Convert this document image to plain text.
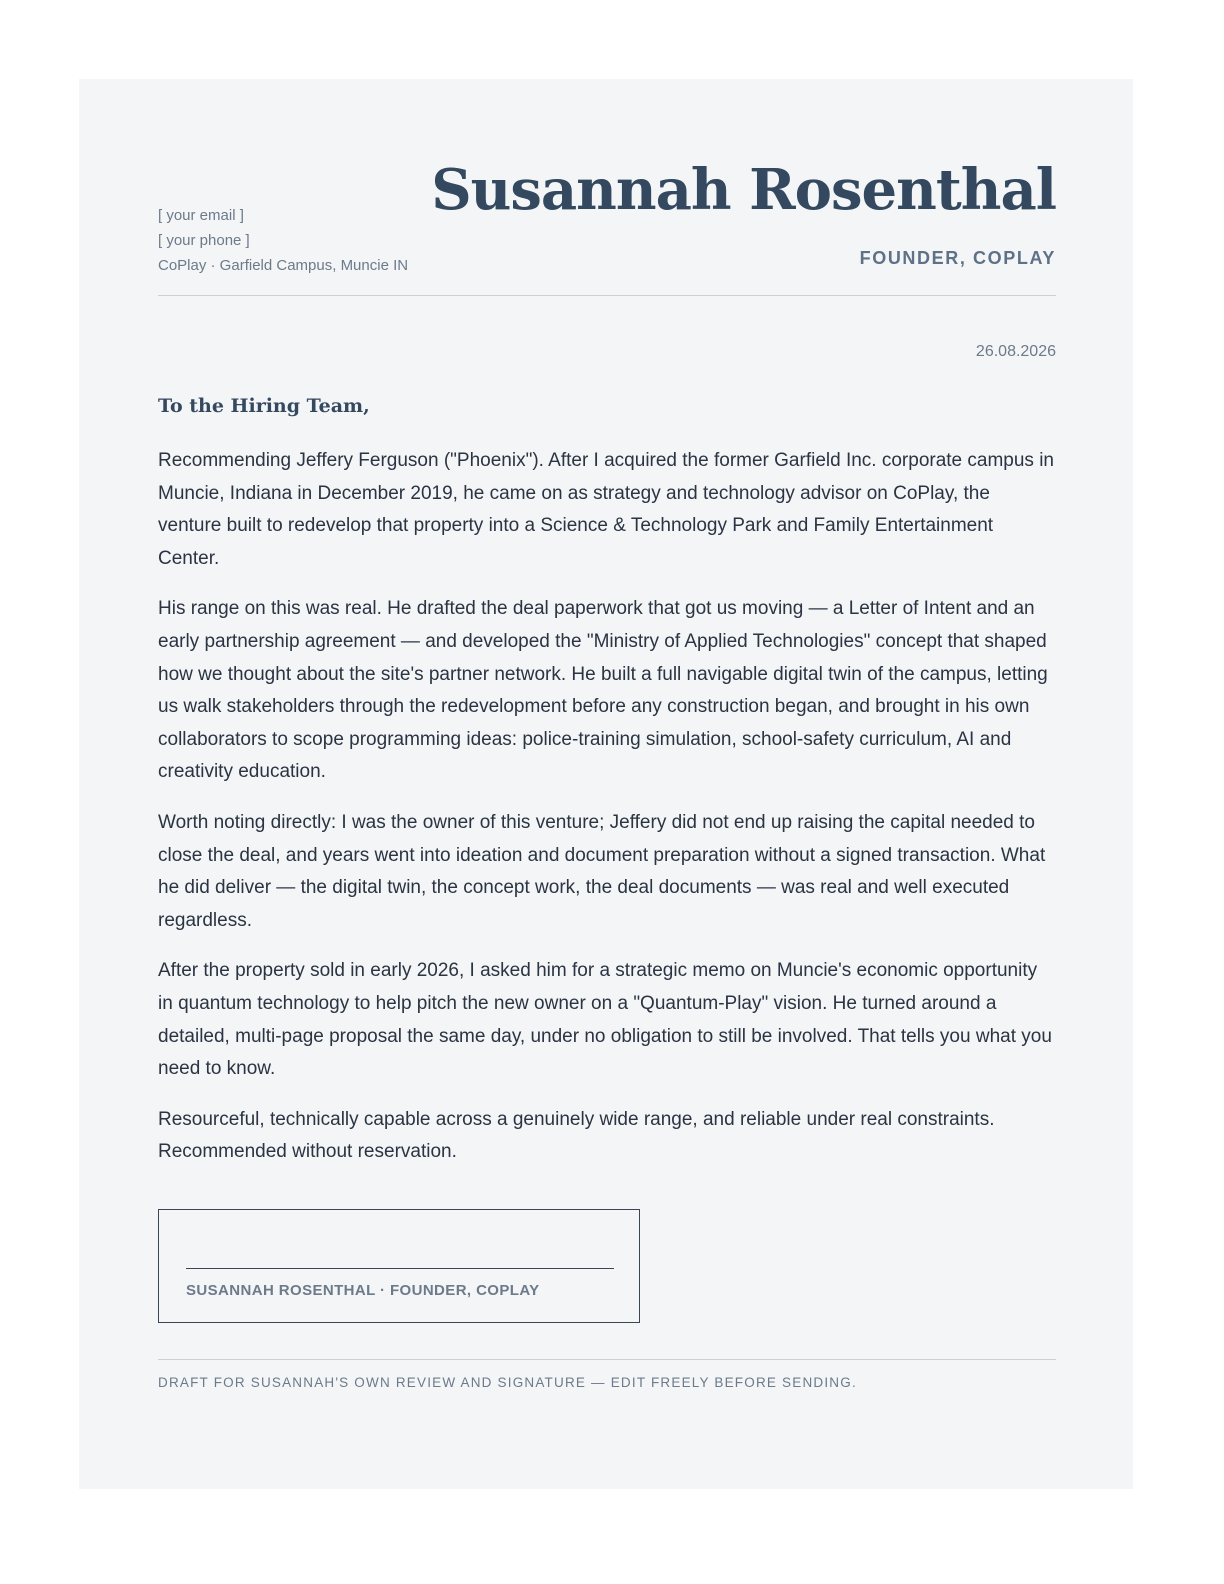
[ your email ]
[ your phone ]
CoPlay · Garfield Campus, Muncie IN
Susannah Rosenthal
FOUNDER, COPLAY
26.08.2026
To the Hiring Team,

Recommending Jeffery Ferguson ("Phoenix"). After I acquired the former Garfield Inc. corporate campus in Muncie, Indiana in December 2019, he came on as strategy and technology advisor on CoPlay, the venture built to redevelop that property into a Science & Technology Park and Family Entertainment Center.

His range on this was real. He drafted the deal paperwork that got us moving — a Letter of Intent and an early partnership agreement — and developed the "Ministry of Applied Technologies" concept that shaped how we thought about the site's partner network. He built a full navigable digital twin of the campus, letting us walk stakeholders through the redevelopment before any construction began, and brought in his own collaborators to scope programming ideas: police-training simulation, school-safety curriculum, AI and creativity education.

Worth noting directly: I was the owner of this venture; Jeffery did not end up raising the capital needed to close the deal, and years went into ideation and document preparation without a signed transaction. What he did deliver — the digital twin, the concept work, the deal documents — was real and well executed regardless.

After the property sold in early 2026, I asked him for a strategic memo on Muncie's economic opportunity in quantum technology to help pitch the new owner on a "Quantum-Play" vision. He turned around a detailed, multi-page proposal the same day, under no obligation to still be involved. That tells you what you need to know.

Resourceful, technically capable across a genuinely wide range, and reliable under real constraints. Recommended without reservation.

SUSANNAH ROSENTHAL · FOUNDER, COPLAY
DRAFT FOR SUSANNAH'S OWN REVIEW AND SIGNATURE — EDIT FREELY BEFORE SENDING.
